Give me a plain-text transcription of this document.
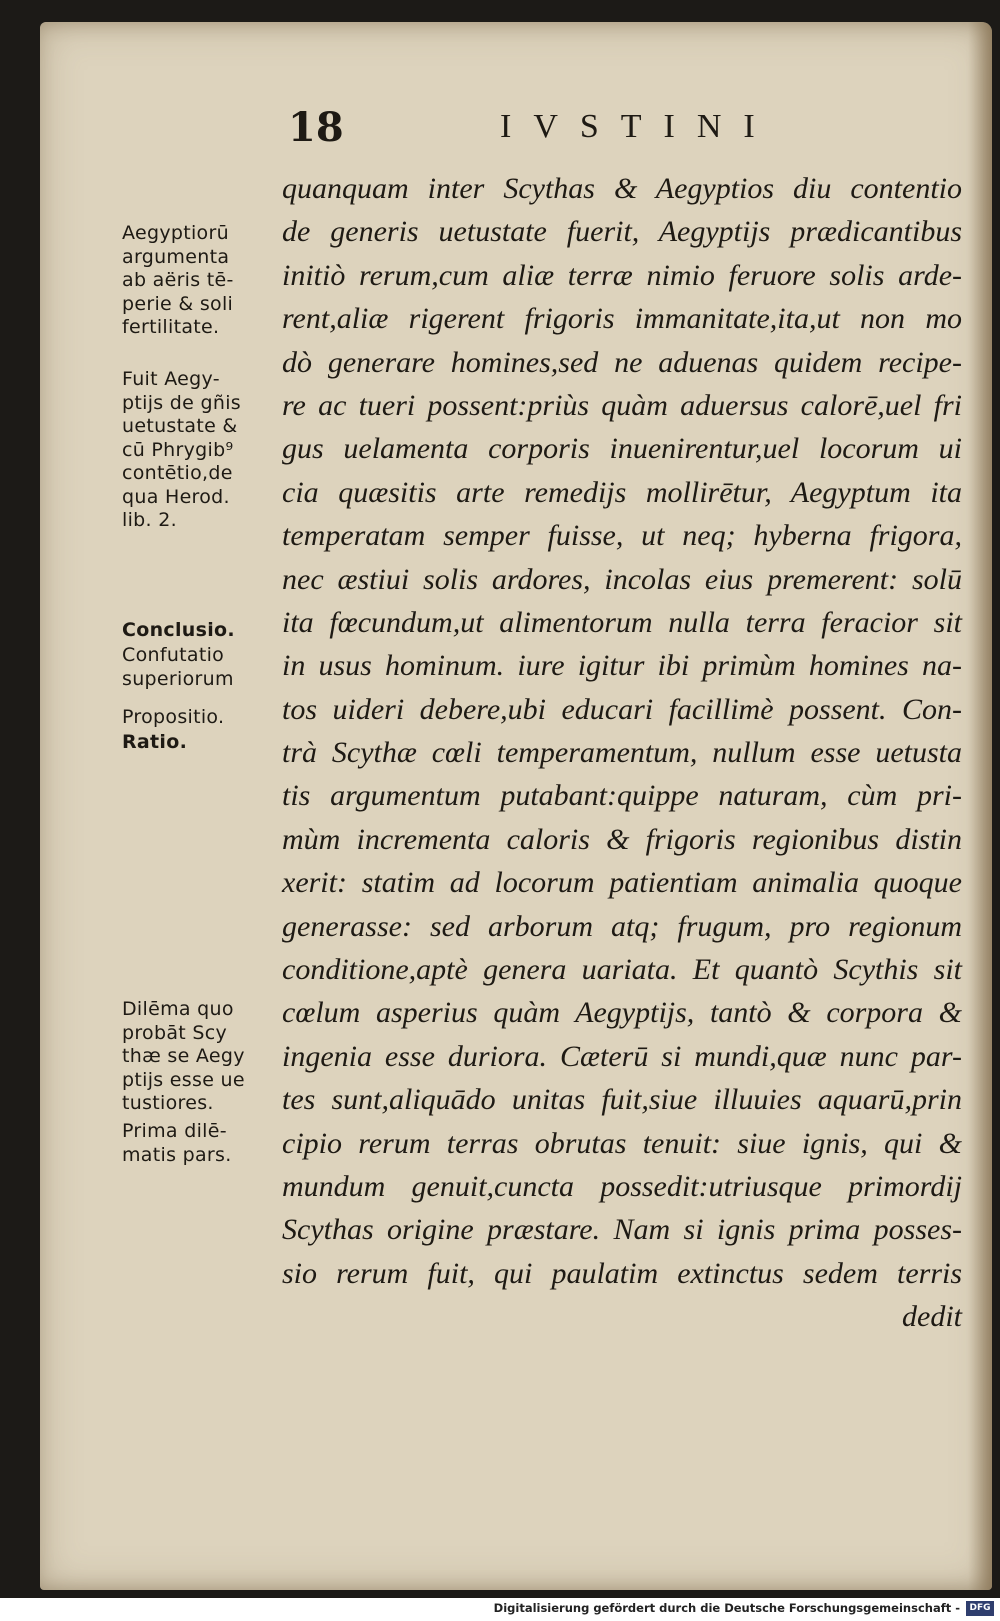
18	IVSTINI
quanquam inter Scythas & Aegyptios diu contentio
de generis uetustate fuerit, Aegyptijs prædicantibus
initiò rerum,cum aliæ terræ nimio feruore solis arde-
rent,aliæ rigerent frigoris immanitate,ita,ut non mo
dò generare homines,sed ne aduenas quidem recipe-
re ac tueri possent:priùs quàm aduersus calorē,uel fri
gus uelamenta corporis inuenirentur,uel locorum ui
cia quæsitis arte remedijs mollirētur, Aegyptum ita
temperatam semper fuisse, ut neq; hyberna frigora,
nec æstiui solis ardores, incolas eius premerent: solū
ita fœcundum,ut alimentorum nulla terra feracior sit
in usus hominum. iure igitur ibi primùm homines na-
tos uideri debere,ubi educari facillimè possent. Con-
trà Scythæ cœli temperamentum, nullum esse uetusta
tis argumentum putabant:quippe naturam, cùm pri-
mùm incrementa caloris & frigoris regionibus distin
xerit: statim ad locorum patientiam animalia quoque
generasse: sed arborum atq; frugum, pro regionum
conditione,aptè genera uariata. Et quantò Scythis sit
cœlum asperius quàm Aegyptijs, tantò & corpora &
ingenia esse duriora. Cæterū si mundi,quæ nunc par-
tes sunt,aliquādo unitas fuit,siue illuuies aquarū,prin
cipio rerum terras obrutas tenuit: siue ignis, qui &
mundum genuit,cuncta possedit:utriusque primordij
Scythas origine præstare. Nam si ignis prima posses-
sio rerum fuit, qui paulatim extinctus sedem terris
dedit
Aegyptiorū
argumenta
ab aëris tē-
perie & soli
fertilitate.
Fuit Aegy-
ptijs de gñis
uetustate &
cū Phrygib⁹
contētio,de
qua Herod.
lib. 2.
Conclusio.
Confutatio
superiorum
Propositio.
Ratio.
Dilēma quo
probāt Scy
thæ se Aegy
ptijs esse ue
tustiores.
Prima dilē-
matis pars.
Digitalisierung gefördert durch die Deutsche Forschungsgemeinschaft -	DFG
